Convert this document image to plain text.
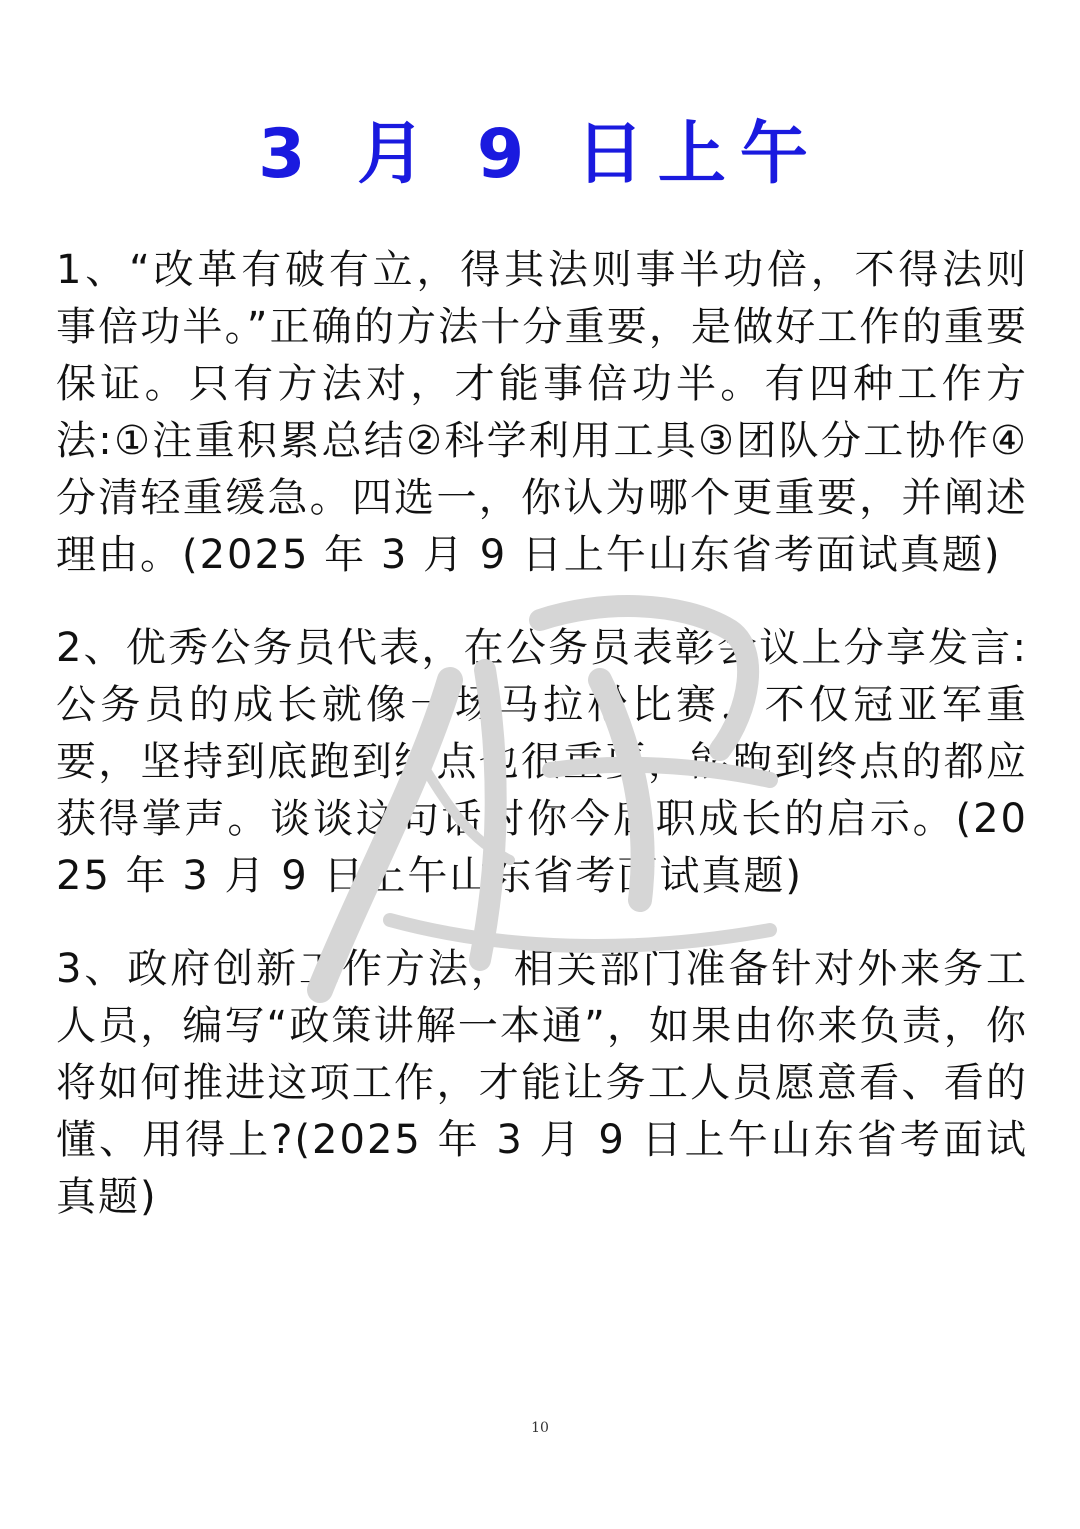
3 月 9 日上午

1、“改革有破有立，得其法则事半功倍，不得法则事倍功半。”正确的方法十分重要，是做好工作的重要保证。只有方法对，才能事倍功半。有四种工作方法:①注重积累总结②科学利用工具③团队分工协作④分清轻重缓急。四选一，你认为哪个更重要，并阐述理由。(2025 年 3 月 9 日上午山东省考面试真题)

2、优秀公务员代表，在公务员表彰会议上分享发言:公务员的成长就像一场马拉松比赛，不仅冠亚军重要，坚持到底跑到终点也很重要，能跑到终点的都应获得掌声。谈谈这句话对你今后职成长的启示。(2025 年 3 月 9 日上午山东省考面试真题)

3、政府创新工作方法，相关部门准备针对外来务工人员，编写“政策讲解一本通”，如果由你来负责，你将如何推进这项工作，才能让务工人员愿意看、看的懂、用得上?(2025 年 3 月 9 日上午山东省考面试真题)

10
